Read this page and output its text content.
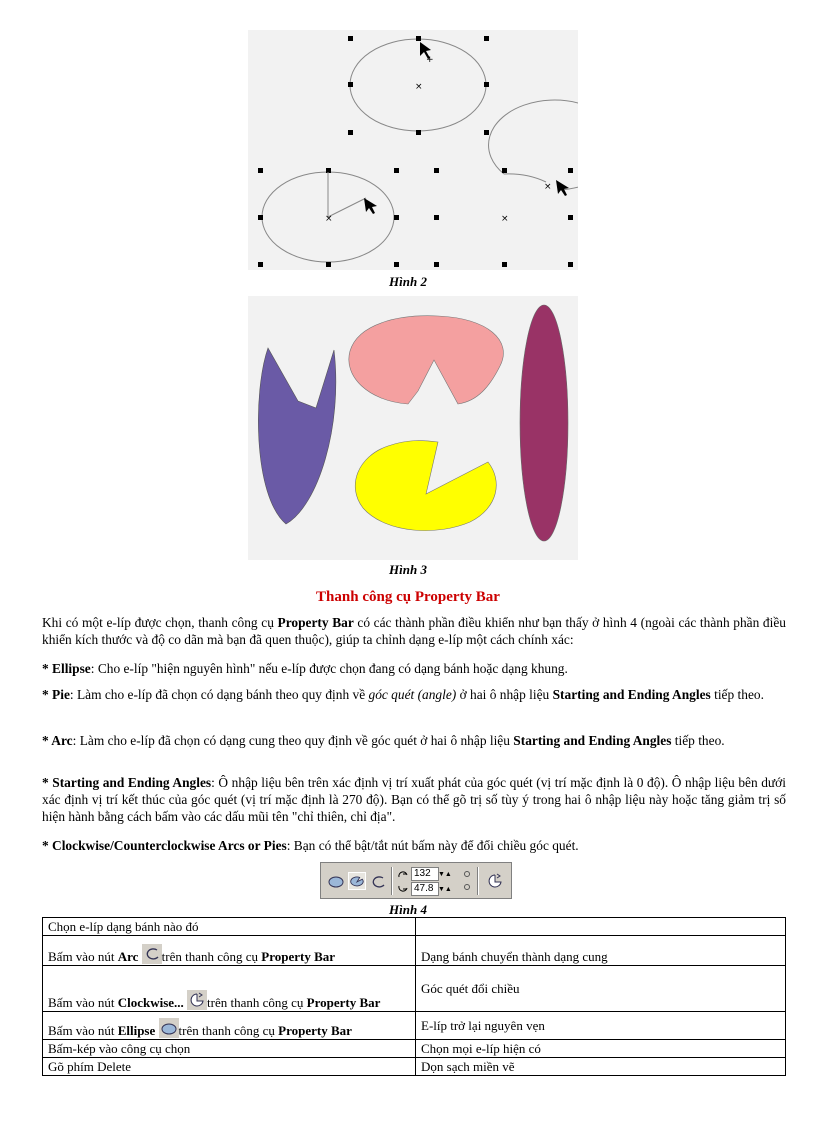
×
+
×	×
×
Hình 2
Hình 3
Thanh công cụ Property Bar

Khi có một e-líp được chọn, thanh công cụ Property Bar có các thành phần điều khiển như bạn thấy ở hình 4 (ngoài các thành phần điều khiển kích thước và độ co dãn mà bạn đã quen thuộc), giúp ta chỉnh dạng e-líp một cách chính xác:

* Ellipse: Cho e-líp "hiện nguyên hình" nếu e-líp được chọn đang có dạng bánh hoặc dạng khung.

* Pie: Làm cho e-líp đã chọn có dạng bánh theo quy định về góc quét (angle) ở hai ô nhập liệu Starting and Ending Angles tiếp theo.

* Arc: Làm cho e-líp đã chọn có dạng cung theo quy định về góc quét ở hai ô nhập liệu Starting and Ending Angles tiếp theo.

* Starting and Ending Angles: Ô nhập liệu bên trên xác định vị trí xuất phát của góc quét (vị trí mặc định là 0 độ). Ô nhập liệu bên dưới xác định vị trí kết thúc của góc quét (vị trí mặc định là 270 độ). Bạn có thể gõ trị số tùy ý trong hai ô nhập liệu này hoặc tăng giảm trị số hiện hành bằng cách bấm vào các dấu mũi tên "chỉ thiên, chỉ địa".

* Clockwise/Counterclockwise Arcs or Pies: Bạn có thể bật/tắt nút bấm này để đổi chiều góc quét.

132	▼▲
47.8 ▼▲
Hình 4
Chọn e-líp dạng bánh nào đó	
Bấm vào nút Arc trên thanh công cụ Property Bar	Dạng bánh chuyển thành dạng cung
Bấm vào nút Clockwise... trên thanh công cụ Property Bar	Góc quét đổi chiều
Bấm vào nút Ellipse trên thanh công cụ Property Bar	E-líp trở lại nguyên vẹn
Bấm-kép vào công cụ chọn	Chọn mọi e-líp hiện có
Gõ phím Delete	Dọn sạch miền vẽ
